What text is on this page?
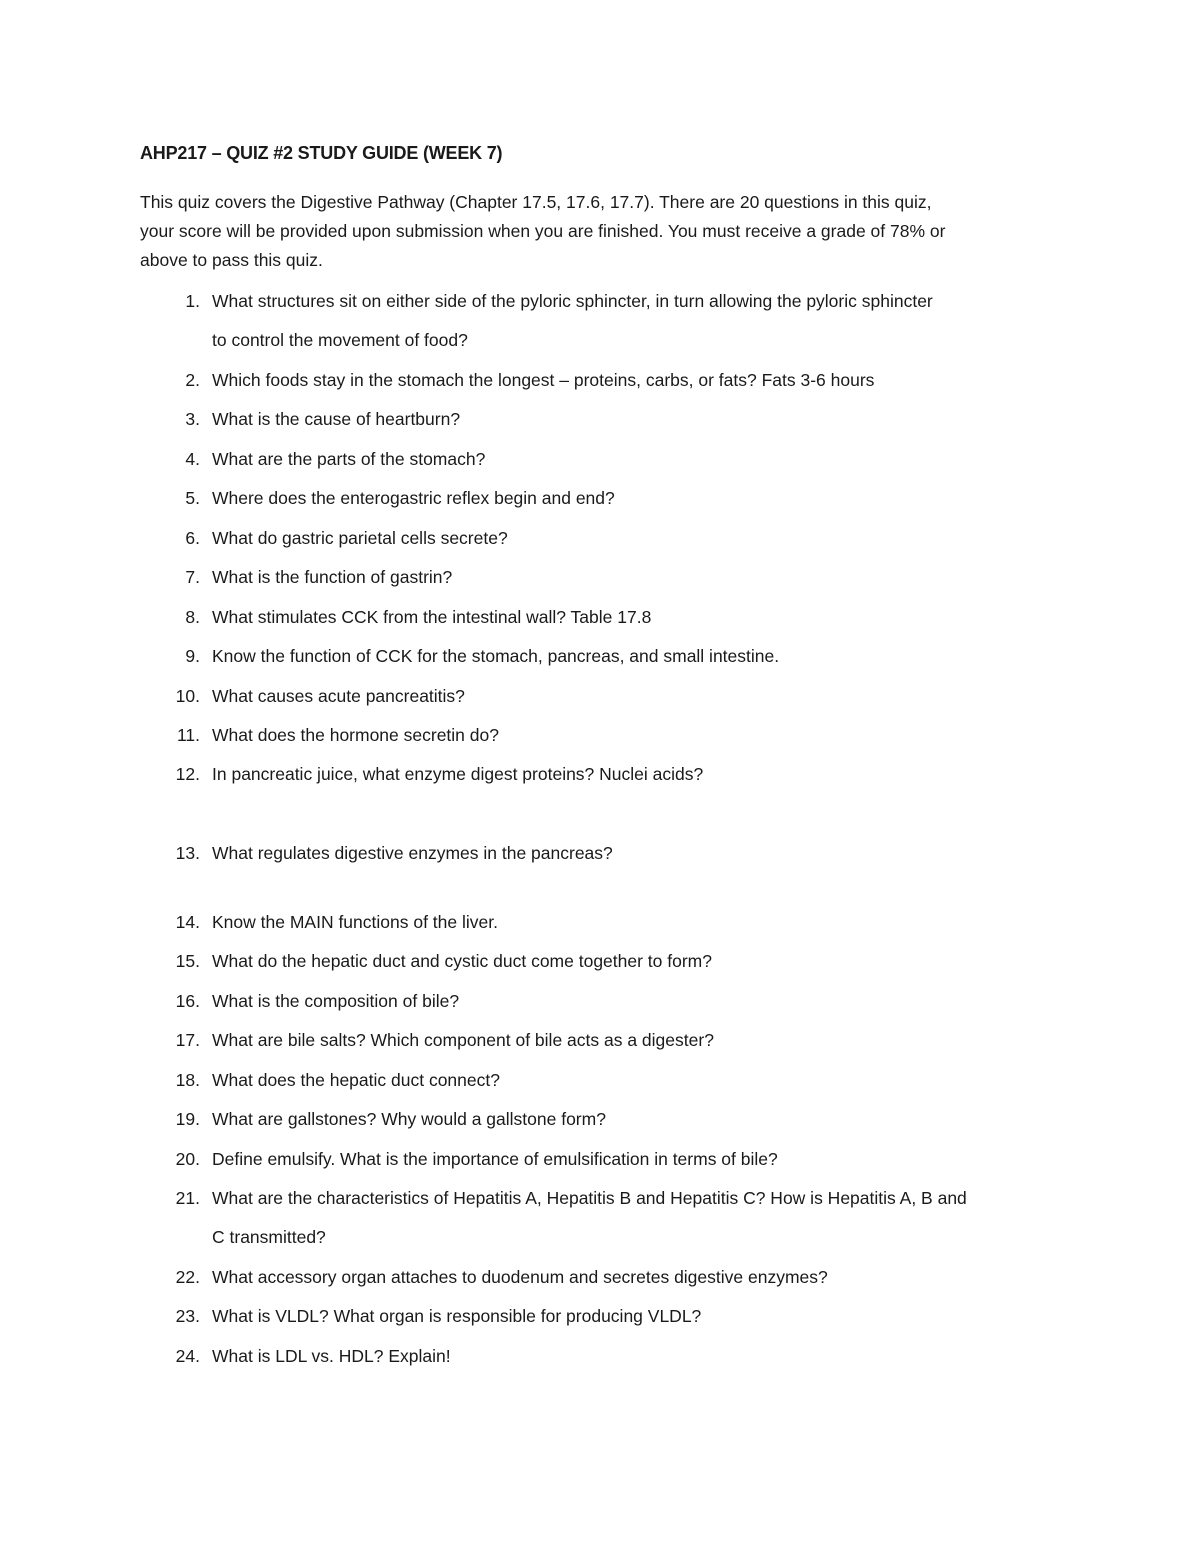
AHP217 – QUIZ #2 STUDY GUIDE (WEEK 7)
This quiz covers the Digestive Pathway (Chapter 17.5, 17.6, 17.7). There are 20 questions in this quiz,
your score will be provided upon submission when you are finished. You must receive a grade of 78% or
above to pass this quiz.
1. What structures sit on either side of the pyloric sphincter, in turn allowing the pyloric sphincter
to control the movement of food?
2. Which foods stay in the stomach the longest – proteins, carbs, or fats? Fats 3-6 hours
3. What is the cause of heartburn?
4. What are the parts of the stomach?
5. Where does the enterogastric reflex begin and end?
6. What do gastric parietal cells secrete?
7. What is the function of gastrin?
8. What stimulates CCK from the intestinal wall? Table 17.8
9. Know the function of CCK for the stomach, pancreas, and small intestine.
10. What causes acute pancreatitis?
11. What does the hormone secretin do?
12. In pancreatic juice, what enzyme digest proteins? Nuclei acids?
13. What regulates digestive enzymes in the pancreas?
14. Know the MAIN functions of the liver.
15. What do the hepatic duct and cystic duct come together to form?
16. What is the composition of bile?
17. What are bile salts? Which component of bile acts as a digester?
18. What does the hepatic duct connect?
19. What are gallstones? Why would a gallstone form?
20. Define emulsify. What is the importance of emulsification in terms of bile?
21. What are the characteristics of Hepatitis A, Hepatitis B and Hepatitis C? How is Hepatitis A, B and
C transmitted?
22. What accessory organ attaches to duodenum and secretes digestive enzymes?
23. What is VLDL? What organ is responsible for producing VLDL?
24. What is LDL vs. HDL? Explain!
